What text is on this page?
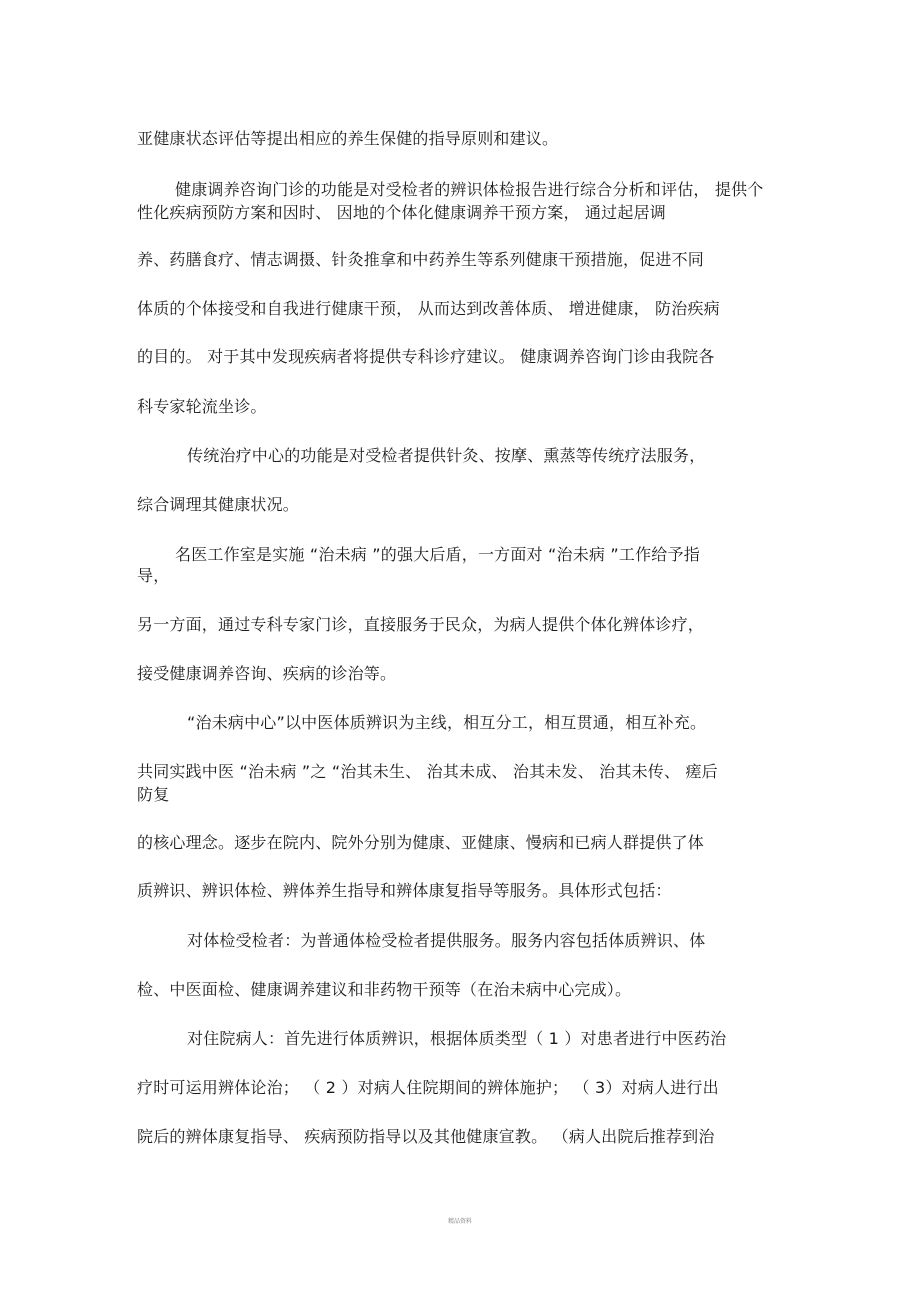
亚健康状态评估等提出相应的养生保健的指导原则和建议。
健康调养咨询门诊的功能是对受检者的辨识体检报告进行综合分析和评估， 提供个
性化疾病预防方案和因时、 因地的个体化健康调养干预方案， 通过起居调
养、药膳食疗、情志调摄、针灸推拿和中药养生等系列健康干预措施，促进不同
体质的个体接受和自我进行健康干预， 从而达到改善体质、 增进健康， 防治疾病
的目的。 对于其中发现疾病者将提供专科诊疗建议。 健康调养咨询门诊由我院各
科专家轮流坐诊。
传统治疗中心的功能是对受检者提供针灸、按摩、熏蒸等传统疗法服务，
综合调理其健康状况。
名医工作室是实施 “治未病 ”的强大后盾，一方面对 “治未病 ”工作给予指
导，
另一方面，通过专科专家门诊，直接服务于民众，为病人提供个体化辨体诊疗，
接受健康调养咨询、疾病的诊治等。
“治未病中心”以中医体质辨识为主线，相互分工，相互贯通，相互补充。
共同实践中医 “治未病 ”之 “治其未生、 治其未成、 治其未发、 治其未传、 瘥后
防复
的核心理念。逐步在院内、院外分别为健康、亚健康、慢病和已病人群提供了体
质辨识、辨识体检、辨体养生指导和辨体康复指导等服务。具体形式包括：
对体检受检者：为普通体检受检者提供服务。服务内容包括体质辨识、体
检、中医面检、健康调养建议和非药物干预等（在治未病中心完成）。
对住院病人：首先进行体质辨识，根据体质类型（ 1 ）对患者进行中医药治
疗时可运用辨体论治； （ 2 ）对病人住院期间的辨体施护； （ 3）对病人进行出
院后的辨体康复指导、 疾病预防指导以及其他健康宣教。 （病人出院后推荐到治
精品资料
